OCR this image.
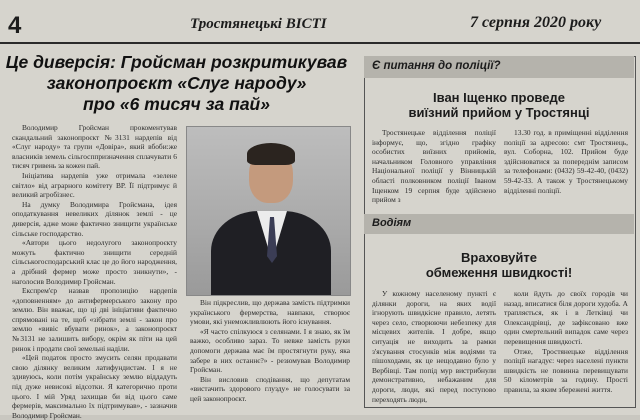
4	Тростянецькі ВІСТІ	7 серпня 2020 року
Це диверсія: Гройсман розкритикував
законопроєкт «Слуг народу»
про «6 тисяч за пай»

Володимир Гройсман прокоментував скандальний законопроєкт №3131 нардепів від «Слуг народу» та групи «Довіра», який вбоби:же власників земель сільгосппризначення сплачувати 6 тисяч гривень за кожен пай.

Ініціатива нардепів уже отримала «зелене світло» від аграрного комітету ВР. Її підтримує й великий агробізнес.

На думку Володимира Гройсмана, ідея оподаткування невеликих ділянок землі - це диверсія, адже може фактично знищити українське сільське господарство.

«Автори цього недолугого законопроєкту можуть фактично знищити середній сільськогосподарський клас це до його народження, а дрібний фермер може просто зникнути», - наголосив Володимир Гройсман.

Експрем'єр назвав пропозицію нардепів «доповненням» до антифермерського закону про землю. Він вважає, що ці дві ініціативи фактично спрямовані на те, щоб «зібрати землі - закон про землю «вивіс вбувати ринок», а законопроєкт №3131 не залишить вибору, окрім як піти на цей ринок і продати свої земельні наділи.

«Цей податок просто змусить селян продавати свою ділянку великим латифундистам. І я не здивуюсь, коли потім українську землю віддадуть під дуже невисокі відсотки. Я категорично проти цього. І мій Уряд захищав би від цього саме фермерів, максимально їх підтримував», - зазначив Володимир Гройсман.

Він підкреслив, що держава замість підтримки українського фермерства, навпаки, створює умови, які унеможливлюють його існування.

«Я часто спілкуюся з селянами. І я знаю, як їм важко, особливо зараз. То невже замість руки допомоги держава має їм простягнути руку, яка забере в них останнє?» - резюмував Володимир Гройсман.

Він висловив сподівання, що депутатам «вистачить здорового глузду» не голосувати за цей законопроєкт.

Є питання до поліції?
Іван Іщенко проведе
виїзний прийом у Тростянці

Тростянецьке відділення поліції інформує, що, згідно графіку особистих виїзних прийомів, начальником Головного управління Національної поліції у Вінницькій області полковником поліції Іваном Іщенком 19 серпня буде здійснено прийом з

13.30 год. в приміщенні відділення поліції за адресою: смт Тростянець, вул. Соборна, 102. Прийом буде здійснюватися за попереднім записом за телефонами: (0432) 59-42-40, (0432) 59-42-33. А також у Тростянецькому відділенні поліції.

Водіям
Враховуйте
обмеження швидкості!

У кожному населеному пункті є ділянки дороги, на яких водії ігнорують швидкісне правило, летять через село, створюючи небезпеку для місцевих жителів. І добре, якщо ситуація не виходить за рамки з'ясування стосунків між водіями та пішоходами, як це нещодавно було у Вербівці. Там попід мур вистрибнули демонстративно, небажаним для дороги, люди, які перед поступово переходять люди,

коли йдуть до своїх городів чи назад, вписатися біля дороги худоба. А трапляється, як і в Летківці чи Олександрівці, де зафіксовано вже один смертельний випадок саме через перевищення швидкості.

Отже, Тростянецьке відділення поліції нагадує: через населені пункти швидкість не повинна перевищувати 50 кілометрів за годину. Прості правила, за яким збережені життя.
